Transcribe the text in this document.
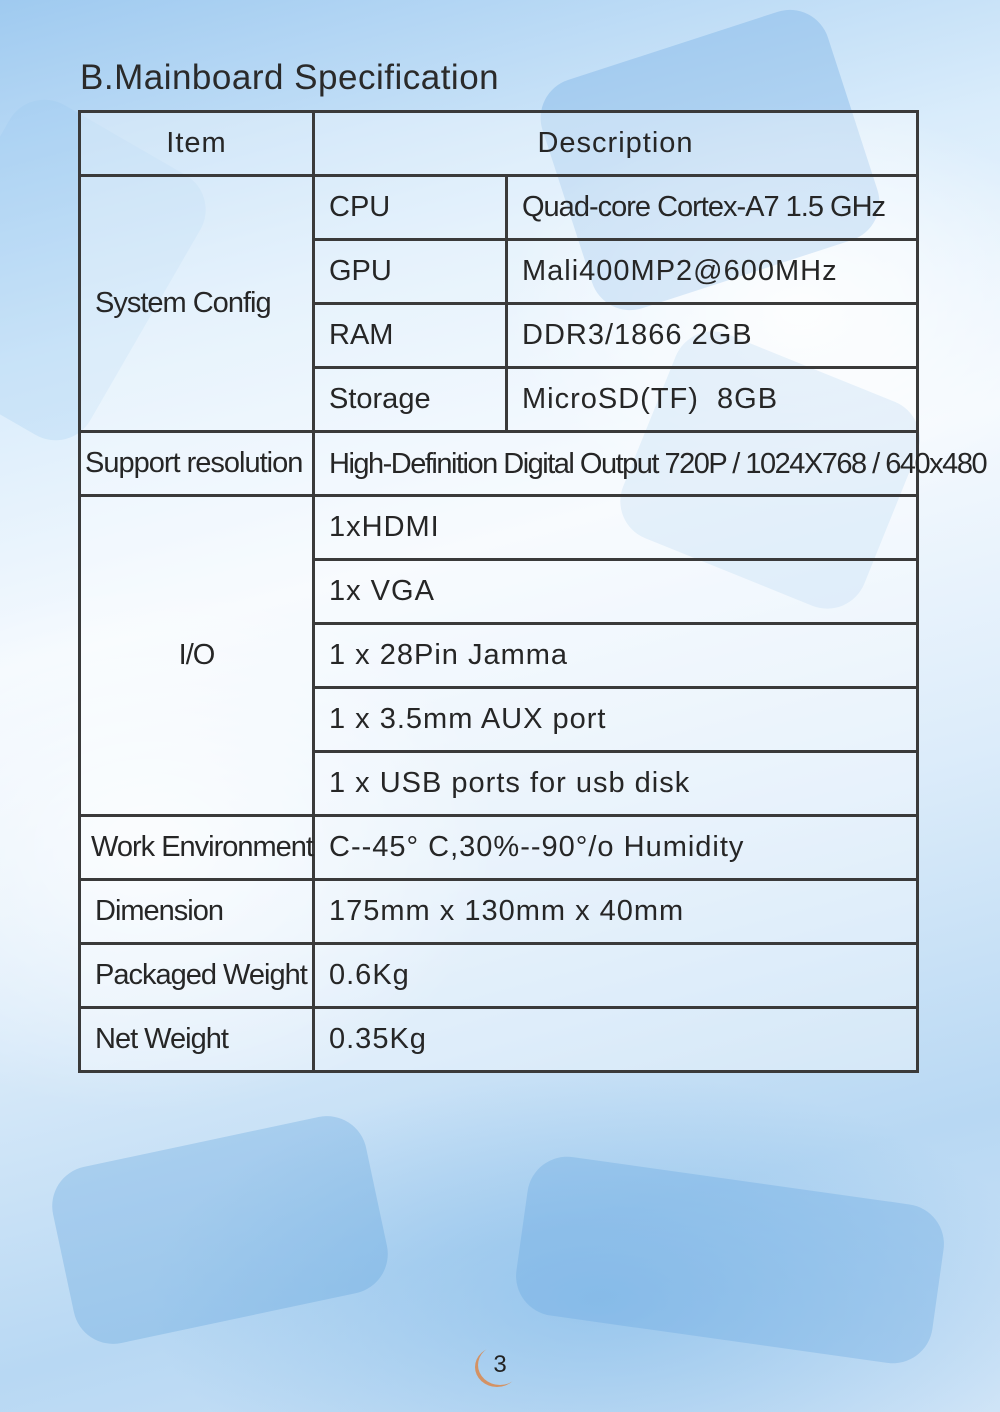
B.Mainboard Specification
Item	Description	
System Config	CPU	Quad-core Cortex-A7 1.5 GHz
	GPU	Mali400MP2@600MHz
	RAM	DDR3/1866 2GB
	Storage	MicroSD(TF)  8GB
Support resolution	High-Definition Digital Output 720P / 1024X768 / 640x480	
I/O	1xHDMI	
	1x VGA	
	1 x 28Pin Jamma	
	1 x 3.5mm AUX port	
	1 x USB ports for usb disk	
Work Environment	C--45° C,30%--90°/o Humidity	
Dimension	175mm x 130mm x 40mm	
Packaged Weight	0.6Kg	
Net Weight	0.35Kg	
3
